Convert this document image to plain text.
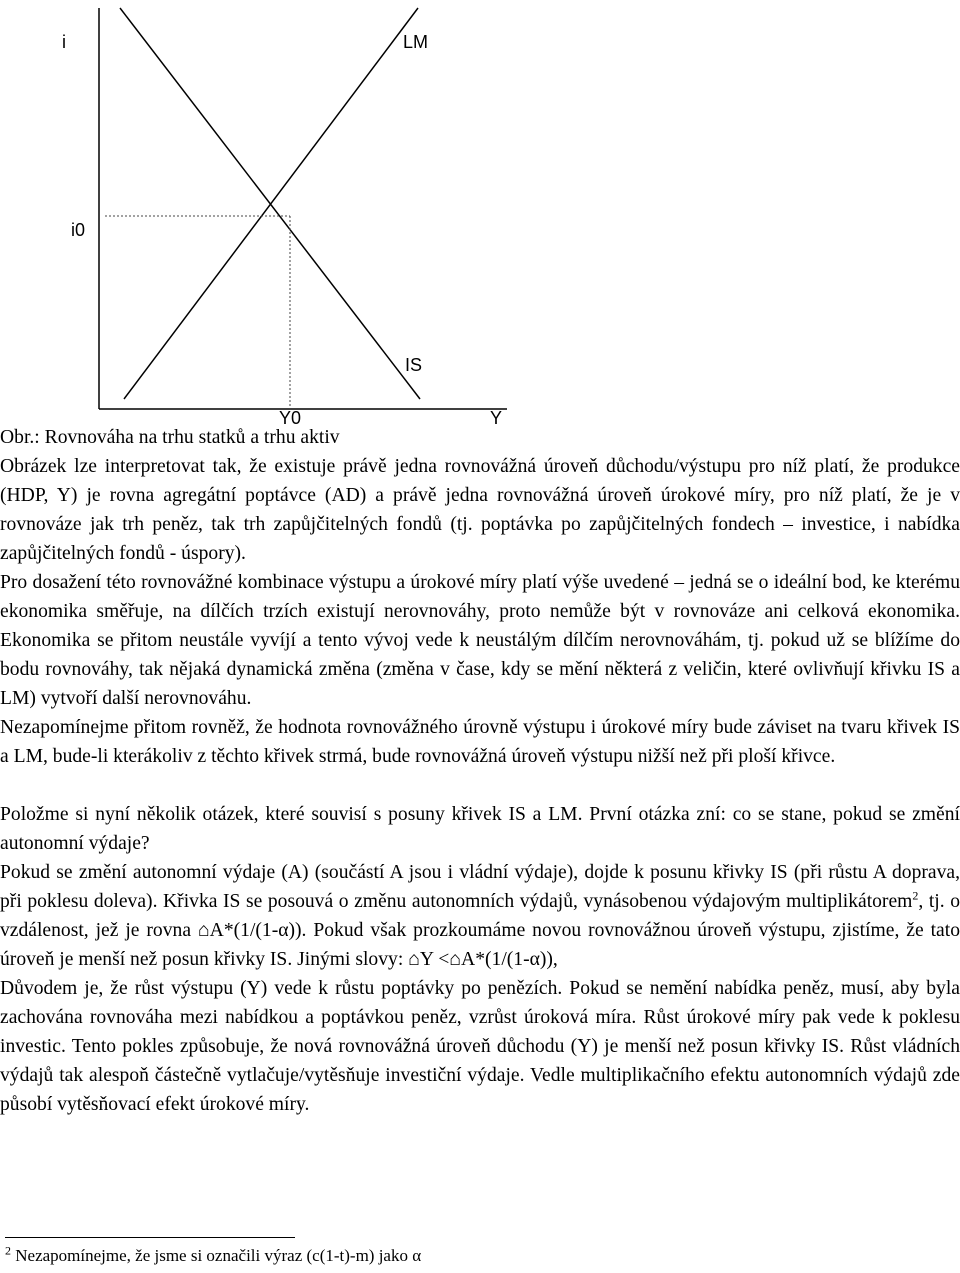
i	LM
i0
IS
Y0	Y

Obr.: Rovnováha na trhu statků a trhu aktiv

Obrázek lze interpretovat tak, že existuje právě jedna rovnovážná úroveň důchodu/výstupu pro níž platí, že produkce (HDP, Y) je rovna agregátní poptávce (AD) a právě jedna rovnovážná úroveň úrokové míry, pro níž platí, že je v rovnováze jak trh peněz, tak trh zapůjčitelných fondů (tj. poptávka po zapůjčitelných fondech – investice, i nabídka zapůjčitelných fondů - úspory).

Pro dosažení této rovnovážné kombinace výstupu a úrokové míry platí výše uvedené – jedná se o ideální bod, ke kterému ekonomika směřuje, na dílčích trzích existují nerovnováhy, proto nemůže být v rovnováze ani celková ekonomika. Ekonomika se přitom neustále vyvíjí a tento vývoj vede k neustálým dílčím nerovnováhám, tj. pokud už se blížíme do bodu rovnováhy, tak nějaká dynamická změna (změna v čase, kdy se mění některá z veličin, které ovlivňují křivku IS a LM) vytvoří další nerovnováhu.

Nezapomínejme přitom rovněž, že hodnota rovnovážného úrovně výstupu i úrokové míry bude záviset na tvaru křivek IS a LM, bude-li kterákoliv z těchto křivek strmá, bude rovnovážná úroveň výstupu nižší než při ploší křivce.

Položme si nyní několik otázek, které souvisí s posuny křivek IS a LM. První otázka zní: co se stane, pokud se změní autonomní výdaje?

Pokud se změní autonomní výdaje (A) (součástí A jsou i vládní výdaje), dojde k posunu křivky IS (při růstu A doprava, při poklesu doleva). Křivka IS se posouvá o změnu autonomních výdajů, vynásobenou výdajovým multiplikátorem$^2$, tj. o vzdálenost, jež je rovna ⌂A*(1/(1-α)). Pokud však prozkoumáme novou rovnovážnou úroveň výstupu, zjistíme, že tato úroveň je menší než posun křivky IS. Jinými slovy: ⌂Y <⌂A*(1/(1-α)),

Důvodem je, že růst výstupu (Y) vede k růstu poptávky po penězích. Pokud se nemění nabídka peněz, musí, aby byla zachována rovnováha mezi nabídkou a poptávkou peněz, vzrůst úroková míra. Růst úrokové míry pak vede k poklesu investic. Tento pokles způsobuje, že nová rovnovážná úroveň důchodu (Y) je menší než posun křivky IS. Růst vládních výdajů tak alespoň částečně vytlačuje/vytěsňuje investiční výdaje. Vedle multiplikačního efektu autonomních výdajů zde působí vytěsňovací efekt úrokové míry.

$^2$ Nezapomínejme, že jsme si označili výraz (c(1-t)-m) jako α
